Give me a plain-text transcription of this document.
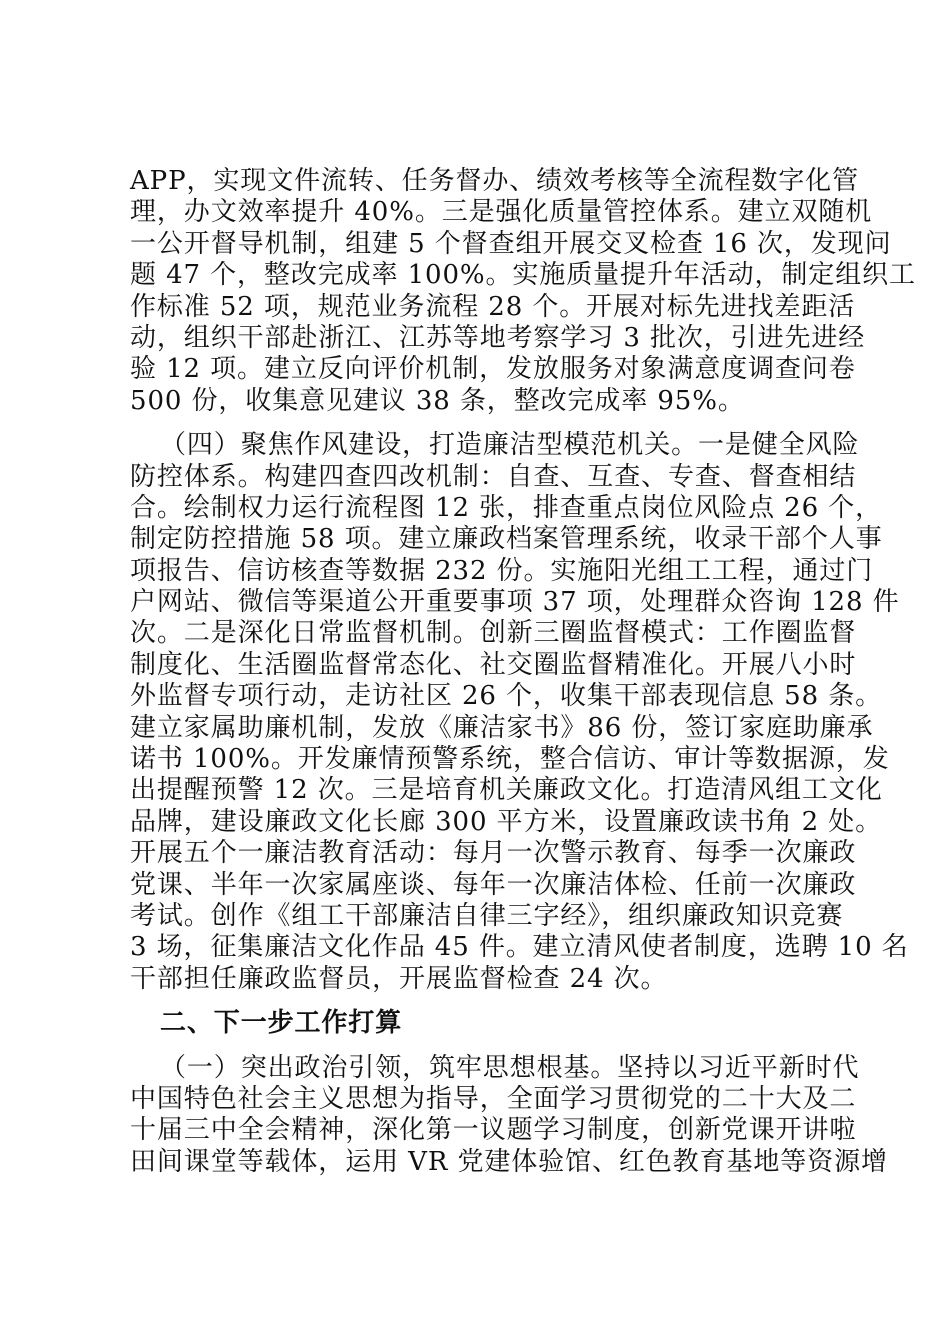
APP，实现文件流转、任务督办、绩效考核等全流程数字化管
理，办文效率提升 40%。三是强化质量管控体系。建立双随机
一公开督导机制，组建 5 个督查组开展交叉检查 16 次，发现问
题 47 个，整改完成率 100%。实施质量提升年活动，制定组织工
作标准 52 项，规范业务流程 28 个。开展对标先进找差距活
动，组织干部赴浙江、江苏等地考察学习 3 批次，引进先进经
验 12 项。建立反向评价机制，发放服务对象满意度调查问卷
500 份，收集意见建议 38 条，整改完成率 95%。
（四）聚焦作风建设，打造廉洁型模范机关。一是健全风险
防控体系。构建四查四改机制：自查、互查、专查、督查相结
合。绘制权力运行流程图 12 张，排查重点岗位风险点 26 个，
制定防控措施 58 项。建立廉政档案管理系统，收录干部个人事
项报告、信访核查等数据 232 份。实施阳光组工工程，通过门
户网站、微信等渠道公开重要事项 37 项，处理群众咨询 128 件
次。二是深化日常监督机制。创新三圈监督模式：工作圈监督
制度化、生活圈监督常态化、社交圈监督精准化。开展八小时
外监督专项行动，走访社区 26 个，收集干部表现信息 58 条。
建立家属助廉机制，发放《廉洁家书》86 份，签订家庭助廉承
诺书 100%。开发廉情预警系统，整合信访、审计等数据源，发
出提醒预警 12 次。三是培育机关廉政文化。打造清风组工文化
品牌，建设廉政文化长廊 300 平方米，设置廉政读书角 2 处。
开展五个一廉洁教育活动：每月一次警示教育、每季一次廉政
党课、半年一次家属座谈、每年一次廉洁体检、任前一次廉政
考试。创作《组工干部廉洁自律三字经》，组织廉政知识竞赛
3 场，征集廉洁文化作品 45 件。建立清风使者制度，选聘 10 名
干部担任廉政监督员，开展监督检查 24 次。
二、下一步工作打算
（一）突出政治引领，筑牢思想根基。坚持以习近平新时代
中国特色社会主义思想为指导，全面学习贯彻党的二十大及二
十届三中全会精神，深化第一议题学习制度，创新党课开讲啦
田间课堂等载体，运用 VR 党建体验馆、红色教育基地等资源增
